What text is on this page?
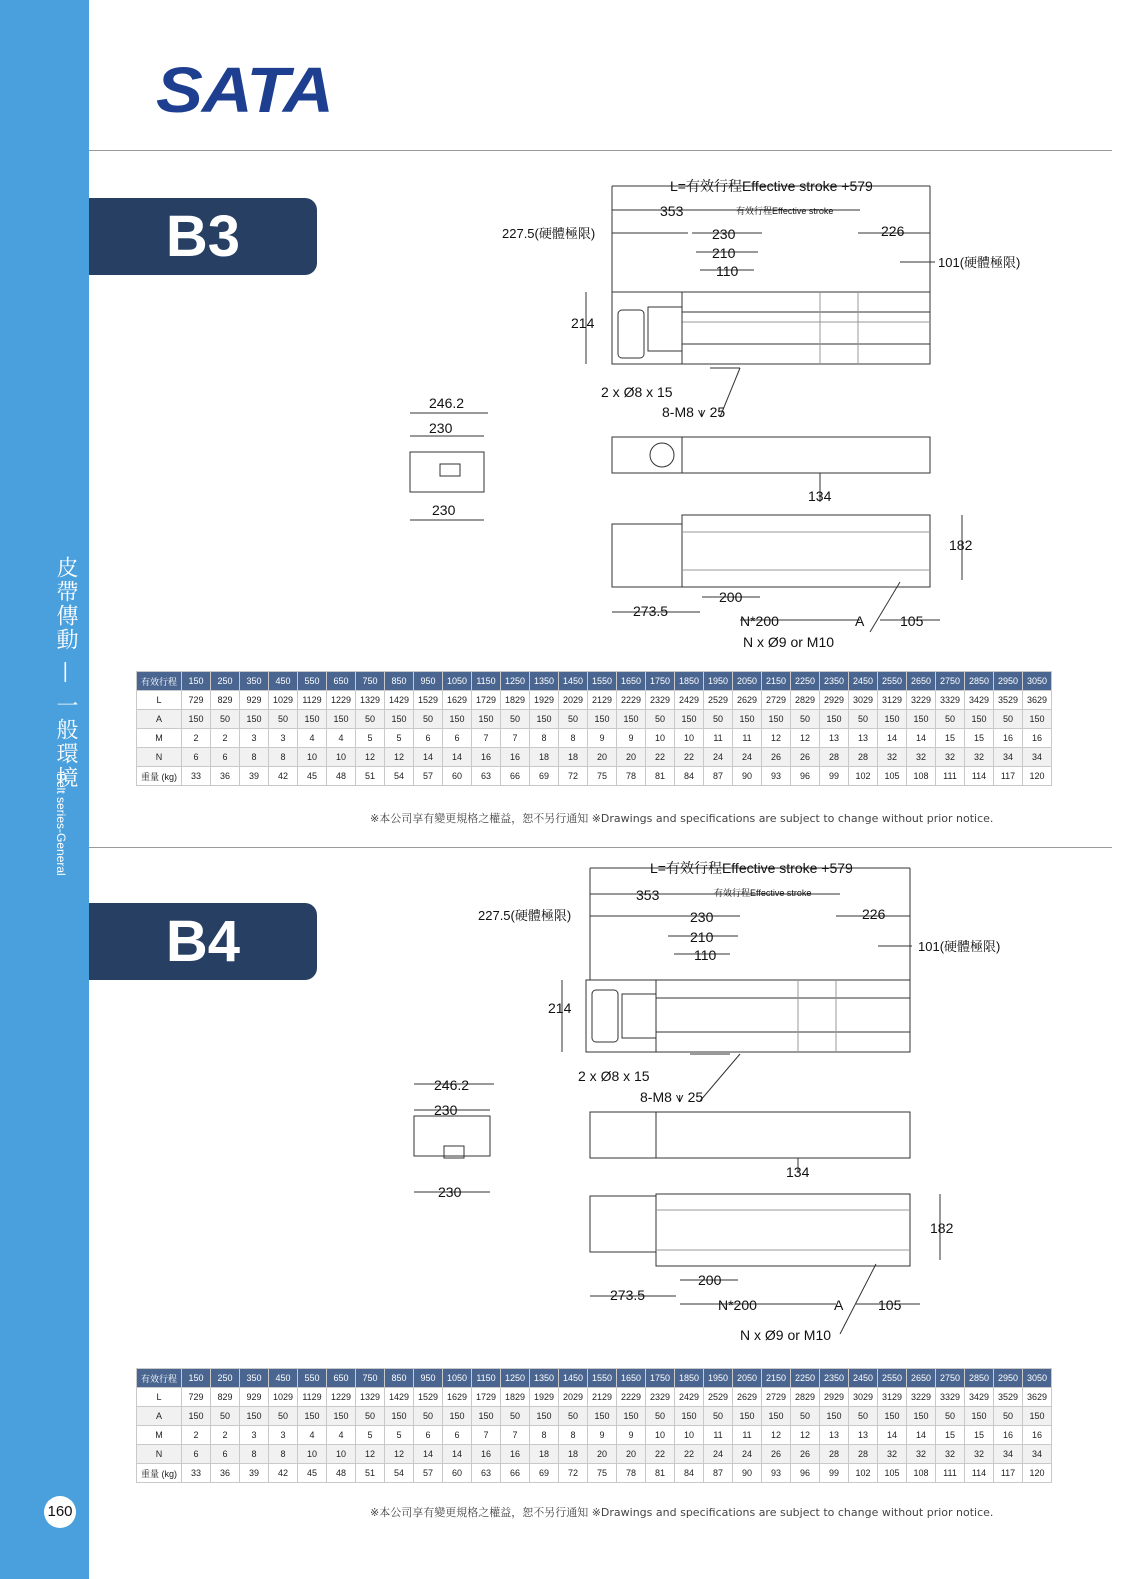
皮帶傳動 — 一般環境
Belt series-General
160
SATA
B3
L=有效行程Effective stroke +579
353	有效行程Effective stroke
227.5(硬體極限)	230
210
110
226
101(硬體極限)
214
2 x Ø8 x 15
8-M8 ⩛ 25
246.2
230
230
134
182
273.5
200
N*200	A	105
N x Ø9 or M10
有效行程	150	250	350	450	550	650	750	850	950	1050	1150	1250	1350	1450	1550	1650	1750	1850	1950	2050	2150	2250	2350	2450	2550	2650	2750	2850	2950	3050
L	729	829	929	1029	1129	1229	1329	1429	1529	1629	1729	1829	1929	2029	2129	2229	2329	2429	2529	2629	2729	2829	2929	3029	3129	3229	3329	3429	3529	3629
A	150	50	150	50	150	150	50	150	50	150	150	50	150	50	150	150	50	150	50	150	150	50	150	50	150	150	50	150	50	150
M	2	2	3	3	4	4	5	5	6	6	7	7	8	8	9	9	10	10	11	11	12	12	13	13	14	14	15	15	16	16
N	6	6	8	8	10	10	12	12	14	14	16	16	18	18	20	20	22	22	24	24	26	26	28	28	32	32	32	32	34	34
重量 (kg)	33	36	39	42	45	48	51	54	57	60	63	66	69	72	75	78	81	84	87	90	93	96	99	102	105	108	111	114	117	120
※本公司享有變更規格之權益，恕不另行通知 ※Drawings and specifications are subject to change without prior notice.
B4
L=有效行程Effective stroke +579
353	有效行程Effective stroke
227.5(硬體極限)	230
210
110
226
101(硬體極限)
214
2 x Ø8 x 15
8-M8 ⩛ 25
246.2
230
230
134
182
273.5
200
N*200	A 105
N x Ø9 or M10
有效行程	150	250	350	450	550	650	750	850	950	1050	1150	1250	1350	1450	1550	1650	1750	1850	1950	2050	2150	2250	2350	2450	2550	2650	2750	2850	2950	3050
L	729	829	929	1029	1129	1229	1329	1429	1529	1629	1729	1829	1929	2029	2129	2229	2329	2429	2529	2629	2729	2829	2929	3029	3129	3229	3329	3429	3529	3629
A	150	50	150	50	150	150	50	150	50	150	150	50	150	50	150	150	50	150	50	150	150	50	150	50	150	150	50	150	50	150
M	2	2	3	3	4	4	5	5	6	6	7	7	8	8	9	9	10	10	11	11	12	12	13	13	14	14	15	15	16	16
N	6	6	8	8	10	10	12	12	14	14	16	16	18	18	20	20	22	22	24	24	26	26	28	28	32	32	32	32	34	34
重量 (kg)	33	36	39	42	45	48	51	54	57	60	63	66	69	72	75	78	81	84	87	90	93	96	99	102	105	108	111	114	117	120
※本公司享有變更規格之權益，恕不另行通知 ※Drawings and specifications are subject to change without prior notice.
